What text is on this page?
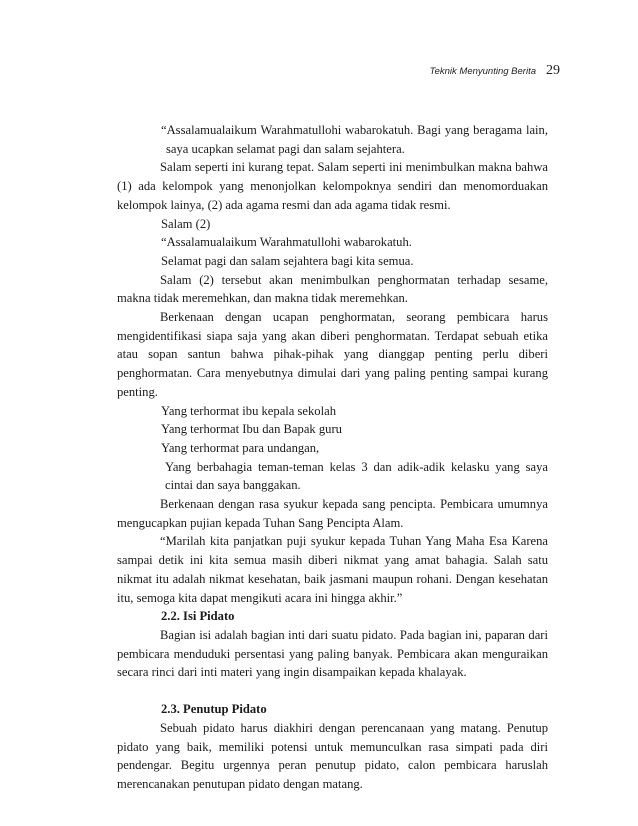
Teknik Menyunting Berita 29

“Assalamualaikum Warahmatullohi wabarokatuh. Bagi yang beragama lain, saya ucapkan selamat pagi dan salam sejahtera.

Salam seperti ini kurang tepat. Salam seperti ini menimbulkan makna bahwa (1) ada kelompok yang menonjolkan kelompoknya sendiri dan menomorduakan kelompok lainya, (2) ada agama resmi dan ada agama tidak resmi.

Salam (2)

“Assalamualaikum Warahmatullohi wabarokatuh.

Selamat pagi dan salam sejahtera bagi kita semua.

Salam (2) tersebut akan menimbulkan penghormatan terhadap sesame, makna tidak meremehkan, dan makna tidak meremehkan.

Berkenaan dengan ucapan penghormatan, seorang pembicara harus mengidentifikasi siapa saja yang akan diberi penghormatan. Terdapat sebuah etika atau sopan santun bahwa pihak-pihak yang dianggap penting perlu diberi penghormatan. Cara menyebutnya dimulai dari yang paling penting sampai kurang penting.

Yang terhormat ibu kepala sekolah

Yang terhormat Ibu dan Bapak guru

Yang terhormat para undangan,

Yang berbahagia teman-teman kelas 3 dan adik-adik kelasku yang saya cintai dan saya banggakan.

Berkenaan dengan rasa syukur kepada sang pencipta. Pembicara umumnya mengucapkan pujian kepada Tuhan Sang Pencipta Alam.

“Marilah kita panjatkan puji syukur kepada Tuhan Yang Maha Esa Karena sampai detik ini kita semua masih diberi nikmat yang amat bahagia. Salah satu nikmat itu adalah nikmat kesehatan, baik jasmani maupun rohani. Dengan kesehatan itu, semoga kita dapat mengikuti acara ini hingga akhir.”

2.2. Isi Pidato

Bagian isi adalah bagian inti dari suatu pidato. Pada bagian ini, paparan dari pembicara menduduki persentasi yang paling banyak. Pembicara akan menguraikan secara rinci dari inti materi yang ingin disampaikan kepada khalayak.

2.3. Penutup Pidato

Sebuah pidato harus diakhiri dengan perencanaan yang matang. Penutup pidato yang baik, memiliki potensi untuk memunculkan rasa simpati pada diri pendengar. Begitu urgennya peran penutup pidato, calon pembicara haruslah merencanakan penutupan pidato dengan matang.
